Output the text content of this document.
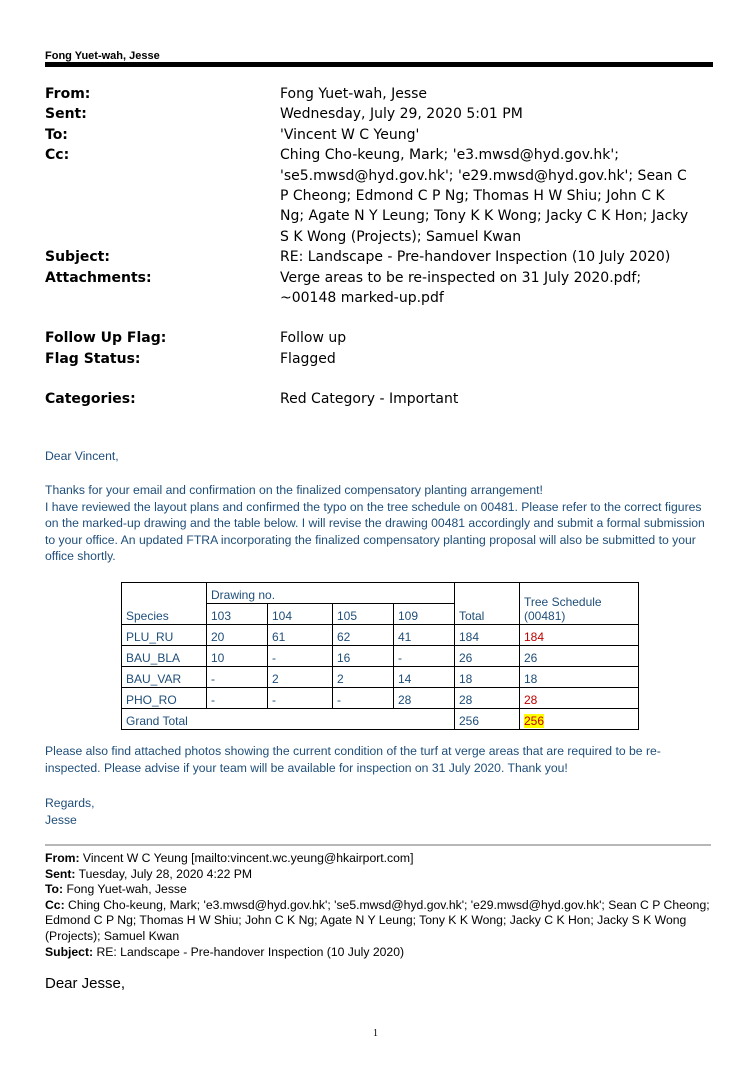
Fong Yuet-wah, Jesse
From:	Fong Yuet-wah, Jesse
Sent:	Wednesday, July 29, 2020 5:01 PM
To:	'Vincent W C Yeung'
Cc:	Ching Cho-keung, Mark; 'e3.mwsd@hyd.gov.hk'; 'se5.mwsd@hyd.gov.hk'; 'e29.mwsd@hyd.gov.hk'; Sean C P Cheong; Edmond C P Ng; Thomas H W Shiu; John C K Ng; Agate N Y Leung; Tony K K Wong; Jacky C K Hon; Jacky S K Wong (Projects); Samuel Kwan
Subject:	RE: Landscape - Pre-handover Inspection (10 July 2020)
Attachments:	Verge areas to be re-inspected on 31 July 2020.pdf; ~00148 marked-up.pdf
Follow Up Flag:	Follow up
Flag Status:	Flagged
Categories:	Red Category - Important
Dear Vincent,

Thanks for your email and confirmation on the finalized compensatory planting arrangement!

I have reviewed the layout plans and confirmed the typo on the tree schedule on 00481. Please refer to the correct figures on the marked-up drawing and the table below. I will revise the drawing 00481 accordingly and submit a formal submission to your office. An updated FTRA incorporating the finalized compensatory planting proposal will also be submitted to your office shortly.

	Drawing no.					Tree Schedule (00481)
Species	103	104	105	109	Total	
PLU_RU	20	61	62	41	184	184
BAU_BLA	10	-	16	-	26	26
BAU_VAR	-	2	2	14	18	18
PHO_RO	-	-	-	28	28	28
Grand Total					256	256
Please also find attached photos showing the current condition of the turf at verge areas that are required to be re-inspected. Please advise if your team will be available for inspection on 31 July 2020. Thank you!

Regards,

Jesse

From: Vincent W C Yeung [mailto:vincent.wc.yeung@hkairport.com]
Sent: Tuesday, July 28, 2020 4:22 PM
To: Fong Yuet-wah, Jesse
Cc: Ching Cho-keung, Mark; 'e3.mwsd@hyd.gov.hk'; 'se5.mwsd@hyd.gov.hk'; 'e29.mwsd@hyd.gov.hk'; Sean C P Cheong; Edmond C P Ng; Thomas H W Shiu; John C K Ng; Agate N Y Leung; Tony K K Wong; Jacky C K Hon; Jacky S K Wong (Projects); Samuel Kwan
Subject: RE: Landscape - Pre-handover Inspection (10 July 2020)
Dear Jesse,
1
